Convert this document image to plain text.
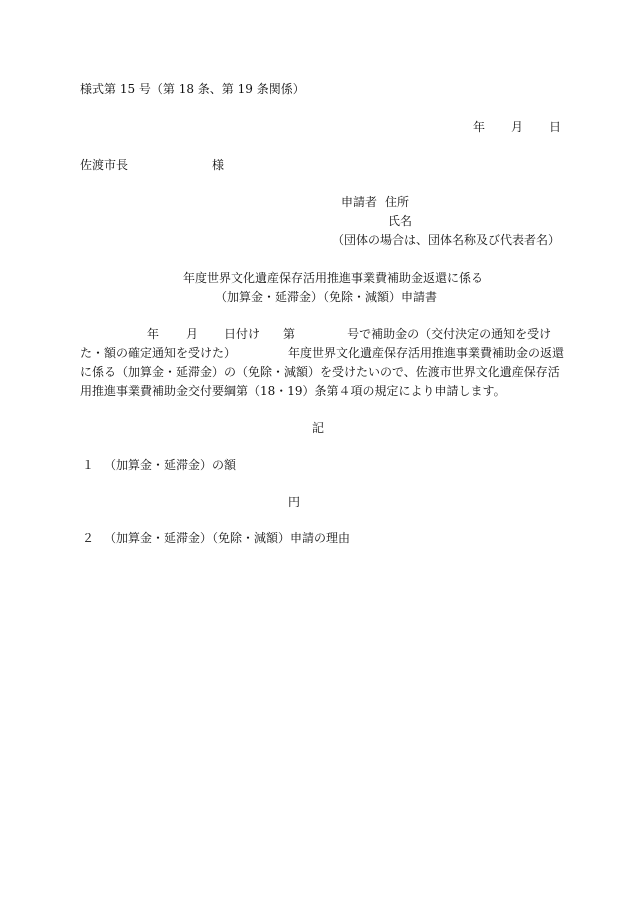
様式第 15 号（第 18 条、第 19 条関係）
年 月 日
佐渡市長	様
申請者 住所
氏名
（団体の場合は、団体名称及び代表者名）
年度世界文化遺産保存活用推進事業費補助金返還に係る
（加算金・延滞金）（免除・減額）申請書
年 月 日付け 第	号で補助金の（交付決定の通知を受け
た・額の確定通知を受けた）	年度世界文化遺産保存活用推進事業費補助金の返還
に係る（加算金・延滞金）の（免除・減額）を受けたいので、佐渡市世界文化遺産保存活
用推進事業費補助金交付要綱第（18・19）条第４項の規定により申請します。
記
１ （加算金・延滞金）の額
円
２ （加算金・延滞金）（免除・減額）申請の理由
